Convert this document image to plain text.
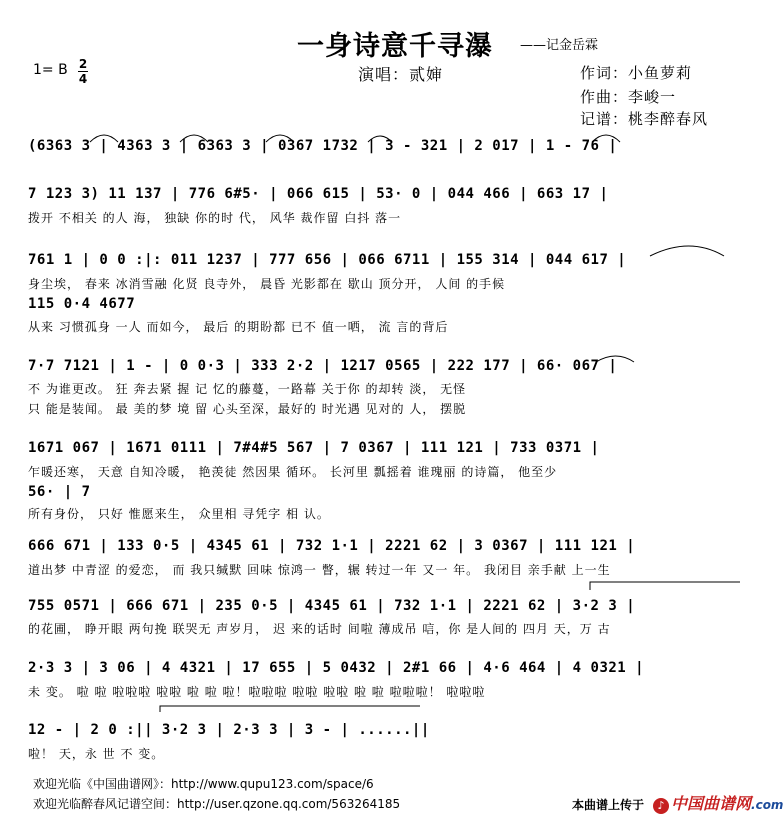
一身诗意千寻瀑 ——记金岳霖
1= B 2
4	演唱：贰婶	作词：小鱼萝莉
作曲：李峻一
记谱：桃李醉春风
(6363 3 | 4363 3 | 6363 3 | 0367 1732 | 3 - 321 | 2 017 | 1 - 76 |
7 123 3) 11 137 | 776 6#5· | 066 615 | 53· 0 | 044 466 | 663 17 |
拨开 不相关 的人 海， 独缺 你的时 代， 风华 裁作留 白抖 落一
761 1 | 0 0 :|: 011 1237 | 777 656 | 066 6711 | 155 314 | 044 617 |
身尘埃， 春来 冰消雪融 化贤 良寺外， 晨昏 光影都在 歇山 顶分开， 人间 的手候
115 0·4 4677
从来 习惯孤身 一人 而如今， 最后 的期盼都 已不 值一哂， 流 言的背后
7·7 7121 | 1 - | 0 0·3 | 333 2·2 | 1217 0565 | 222 177 | 66· 067 |
不 为谁更改。 狂 奔去紧 握 记 忆的藤蔓，一路幕 关于你 的却转 淡， 无怪
只 能是装闻。 最 美的梦 境 留 心头至深，最好的 时光遇 见对的 人， 摆脱
1671 067 | 1671 0111 | 7#4#5 567 | 7 0367 | 111 121 | 733 0371 |
乍暖还寒， 天意 自知冷暖， 艳羡徒 然因果 循环。 长河里 瓢摇着 谁瑰丽 的诗篇， 他至少
56· | 7
所有身份， 只好 惟愿来生， 众里相 寻凭字 相 认。
666 671 | 133 0·5 | 4345 61 | 732 1·1 | 2221 62 | 3 0367 | 111 121 |
道出梦 中青涩 的爱恋， 而 我只缄默 回味 惊鸿一 瞥，辗 转过一年 又一 年。 我闭目 亲手献 上一生
755 0571 | 666 671 | 235 0·5 | 4345 61 | 732 1·1 | 2221 62 | 3·2 3 |
的花圃， 睁开眼 两句挽 联哭无 声岁月， 迟 来的话时 间啦 薄成吊 唁，你 是人间的 四月 天，万 古
2·3 3 | 3 06 | 4 4321 | 17 655 | 5 0432 | 2#1 66 | 4·6 464 | 4 0321 |
未 变。 啦 啦 啦啦啦 啦啦 啦 啦 啦！啦啦啦 啦啦 啦啦 啦 啦 啦啦啦！ 啦啦啦
12 - | 2 0 :|| 3·2 3 | 2·3 3 | 3 - | ......||
啦！ 天，永 世 不 变。
欢迎光临《中国曲谱网》：http://www.qupu123.com/space/6
欢迎光临醉春风记谱空间：http://user.qzone.qq.com/563264185	本曲谱上传于	♪ 中国曲谱网.com
